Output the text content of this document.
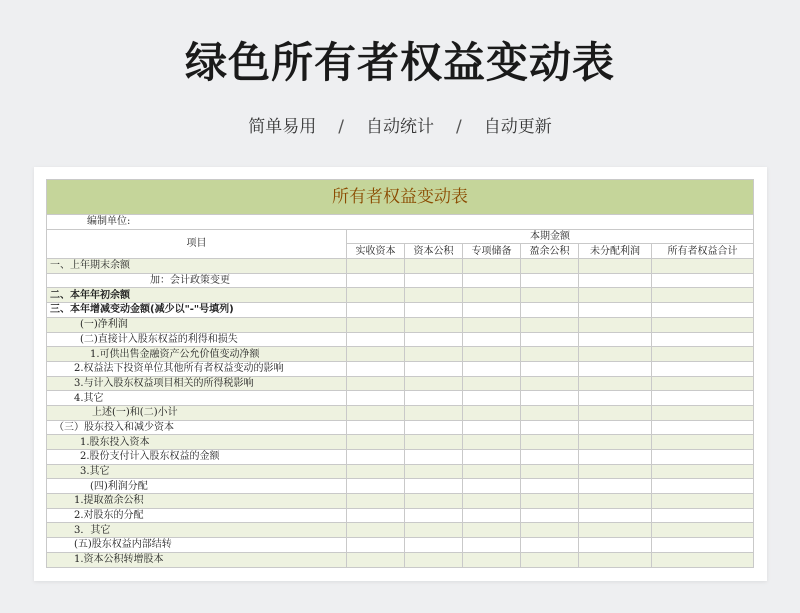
绿色所有者权益变动表
简单易用 / 自动统计 / 自动更新
所有者权益变动表						
编制单位:						
项目	本期金额					
	实收资本	资本公积	专项储备	盈余公积	未分配利润	所有者权益合计
一、上年期末余额						
加：会计政策变更						
二、本年年初余额						
三、本年增减变动金额(减少以"-"号填列)						
(一)净利润						
(二)直接计入股东权益的利得和损失						
1.可供出售金融资产公允价值变动净额						
2.权益法下投资单位其他所有者权益变动的影响						
3.与计入股东权益项目相关的所得税影响						
4.其它						
上述(一)和(二)小计						
（三）股东投入和减少资本						
1.股东投入资本						
2.股份支付计入股东权益的金额						
3.其它						
(四)利润分配						
1.提取盈余公积						
2.对股东的分配						
3．其它						
(五)股东权益内部结转						
1.资本公积转增股本						
